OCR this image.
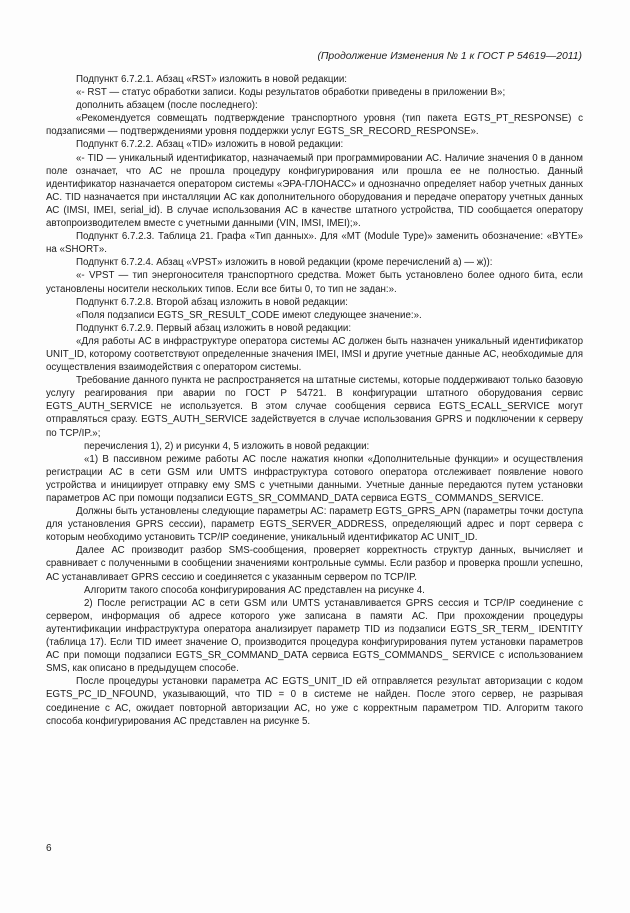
(Продолжение Изменения № 1 к ГОСТ Р 54619—2011)

Подпункт 6.7.2.1. Абзац «RST» изложить в новой редакции:

«- RST — статус обработки записи. Коды результатов обработки приведены в приложении В»;

дополнить абзацем (после последнего):

«Рекомендуется совмещать подтверждение транспортного уровня (тип пакета EGTS_PT_RESPONSE) с подзаписями — подтверждениями уровня поддержки услуг EGTS_SR_RECORD_RESPONSE».

Подпункт 6.7.2.2. Абзац «TID» изложить в новой редакции:

«- TID — уникальный идентификатор, назначаемый при программировании АС. Наличие значения 0 в данном поле означает, что АС не прошла процедуру конфигурирования или прошла ее не полностью. Данный идентификатор назначается оператором системы «ЭРА-ГЛОНАСС» и однозначно определяет набор учетных данных АС. TID назначается при инсталляции АС как дополнительного оборудования и передаче оператору учетных данных АС (IMSI, IMEI, serial_id). В случае использования АС в качестве штатного устройства, TID сообщается оператору автопроизводителем вместе с учетными данными (VIN, IMSI, IMEI);».

Подпункт 6.7.2.3. Таблица 21. Графа «Тип данных». Для «MT (Module Type)» заменить обозначение: «BYTE» на «SHORT».

Подпункт 6.7.2.4. Абзац «VPST» изложить в новой редакции (кроме перечислений а) — ж)):

«- VPST — тип энергоносителя транспортного средства. Может быть установлено более одного бита, если установлены носители нескольких типов. Если все биты 0, то тип не задан:».

Подпункт 6.7.2.8. Второй абзац изложить в новой редакции:

«Поля подзаписи EGTS_SR_RESULT_CODE имеют следующее значение:».

Подпункт 6.7.2.9. Первый абзац изложить в новой редакции:

«Для работы АС в инфраструктуре оператора системы АС должен быть назначен уникальный идентификатор UNIT_ID, которому соответствуют определенные значения IMEI, IMSI и другие учетные данные АС, необходимые для осуществления взаимодействия с оператором системы.

Требование данного пункта не распространяется на штатные системы, которые поддерживают только базовую услугу реагирования при аварии по ГОСТ Р 54721. В конфигурации штатного оборудования сервис EGTS_AUTH_SERVICE не используется. В этом случае сообщения сервиса EGTS_ECALL_SERVICE могут отправляться сразу. EGTS_AUTH_SERVICE задействуется в случае использования GPRS и подключении к серверу по TCP/IP.»;

перечисления 1), 2) и рисунки 4, 5 изложить в новой редакции:

«1) В пассивном режиме работы АС после нажатия кнопки «Дополнительные функции» и осуществления регистрации АС в сети GSM или UMTS инфраструктура сотового оператора отслеживает появление нового устройства и инициирует отправку ему SMS с учетными данными. Учетные данные передаются путем установки параметров АС при помощи подзаписи EGTS_SR_COMMAND_DATA сервиса EGTS_ COMMANDS_SERVICE.

Должны быть установлены следующие параметры АС: параметр EGTS_GPRS_APN (параметры точки доступа для установления GPRS сессии), параметр EGTS_SERVER_ADDRESS, определяющий адрес и порт сервера с которым необходимо установить TCP/IP соединение, уникальный идентификатор АС UNIT_ID.

Далее АС производит разбор SMS-сообщения, проверяет корректность структур данных, вычисляет и сравнивает с полученными в сообщении значениями контрольные суммы. Если разбор и проверка прошли успешно, АС устанавливает GPRS сессию и соединяется с указанным сервером по TCP/IP.

Алгоритм такого способа конфигурирования АС представлен на рисунке 4.

2) После регистрации АС в сети GSM или UMTS устанавливается GPRS сессия и TCP/IP соединение с сервером, информация об адресе которого уже записана в памяти АС. При прохождении процедуры аутентификации инфраструктура оператора анализирует параметр TID из подзаписи EGTS_SR_TERM_ IDENTITY (таблица 17). Если TID имеет значение О, производится процедура конфигурирования путем установки параметров АС при помощи подзаписи EGTS_SR_COMMAND_DATA сервиса EGTS_COMMANDS_ SERVICE с использованием SMS, как описано в предыдущем способе.

После процедуры установки параметра АС EGTS_UNIT_ID ей отправляется результат авторизации с кодом EGTS_PC_ID_NFOUND, указывающий, что TID = 0 в системе не найден. После этого сервер, не разрывая соединение с АС, ожидает повторной авторизации АС, но уже с корректным параметром TID. Алгоритм такого способа конфигурирования АС представлен на рисунке 5.

6
